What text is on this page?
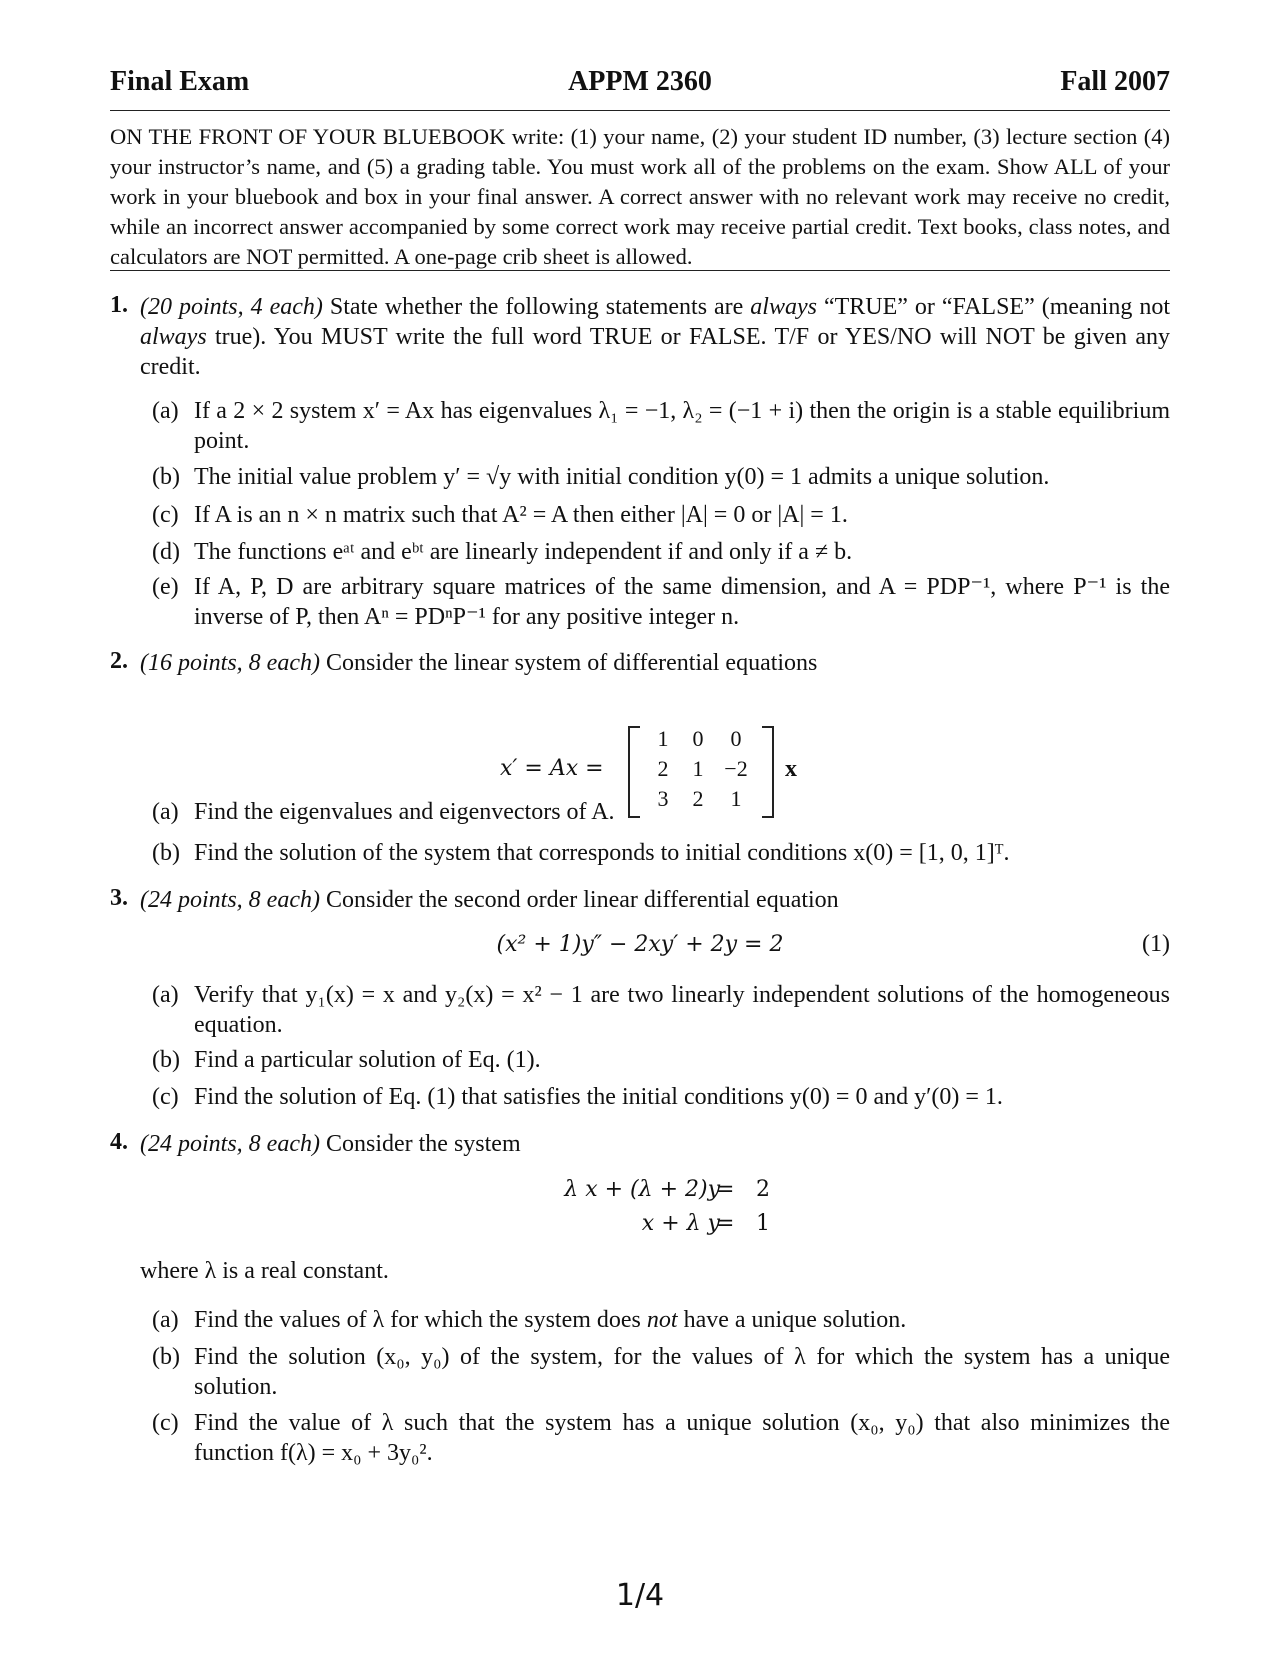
Final Exam	APPM 2360	Fall 2007
ON THE FRONT OF YOUR BLUEBOOK write: (1) your name, (2) your student ID number, (3) lecture section (4) your instructor’s name, and (5) a grading table. You must work all of the problems on the exam. Show ALL of your work in your bluebook and box in your final answer. A correct answer with no relevant work may receive no credit, while an incorrect answer accompanied by some correct work may receive partial credit. Text books, class notes, and calculators are NOT permitted. A one-page crib sheet is allowed.
1. (20 points, 4 each) State whether the following statements are always “TRUE” or “FALSE” (meaning not always true). You MUST write the full word TRUE or FALSE. T/F or YES/NO will NOT be given any credit.
(a) If a 2 × 2 system x′ = Ax has eigenvalues λ₁ = −1, λ₂ = (−1 + i) then the origin is a stable equilibrium point.
(b) The initial value problem y′ = √y with initial condition y(0) = 1 admits a unique solution.
(c) If A is an n × n matrix such that A² = A then either |A| = 0 or |A| = 1.
(d) The functions eᵃᵗ and eᵇᵗ are linearly independent if and only if a ≠ b.
(e) If A, P, D are arbitrary square matrices of the same dimension, and A = PDP⁻¹, where P⁻¹ is the inverse of P, then Aⁿ = PDⁿP⁻¹ for any positive integer n.
2. (16 points, 8 each) Consider the linear system of differential equations
x′ = Ax =
1	0	0
2	1 −2
3	2	1
x
(a) Find the eigenvalues and eigenvectors of A.
(b) Find the solution of the system that corresponds to initial conditions x(0) = [1, 0, 1]ᵀ.
3. (24 points, 8 each) Consider the second order linear differential equation
(x² + 1)y″ − 2xy′ + 2y = 2	(1)
(a) Verify that y₁(x) = x and y₂(x) = x² − 1 are two linearly independent solutions of the homogeneous equation.
(b) Find a particular solution of Eq. (1).
(c) Find the solution of Eq. (1) that satisfies the initial conditions y(0) = 0 and y′(0) = 1.
4. (24 points, 8 each) Consider the system
λ x + (λ + 2)y
= 2
x + λ y
= 1
where λ is a real constant.
(a) Find the values of λ for which the system does not have a unique solution.
(b) Find the solution (x₀, y₀) of the system, for the values of λ for which the system has a unique solution.
(c) Find the value of λ such that the system has a unique solution (x₀, y₀) that also minimizes the function f(λ) = x₀ + 3y₀².
1/4
